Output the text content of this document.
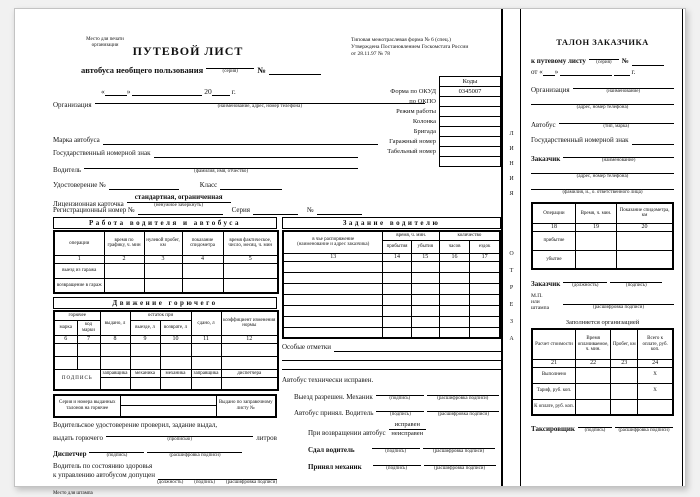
Место для печати
организации	ПУТЕВОЙ ЛИСТ
автобуса необщего пользования	(серия) №
Типовая межотраслевая форма № 6 (спец.)
Утверждена Постановлением Госкомстата России
от 28.11.97 № 78
«	»	20	г.
Коды
Форма по ОКУД	0345007
по ОКПО
Режим работы
Колонка
Бригада
Гаражный номер
Табельный номер
Организация	(наименование, адрес, номер телефона)
Марка автобуса
Государственный номерной знак
Водитель	(фамилия, имя, отчество)
Удостоверение №	Класс
Лицензионная карточка
стандартная, ограниченная
(ненужное зачеркнуть)
Регистрационный номер №	Серия	№
Работа водителя и автобуса
операции	время по графику, ч. мин	нулевой пробег, км	показание спидометра	время фактическое, число, месяц, ч. мин
1	2	3	4	5
выезд из гаража				
возвращение в гараж				
Движение горючего
горючее		выдано, л	остаток при		сдано, л	коэффициент изменения нормы
марка	код марки		выезде, л	возврате, л		
6	7	8	9	10	11	12

ПОДПИСЬ		заправщика	механика	механика	заправщика	диспетчера

Серия и номера выданных талонов на горючее		Выдано по заправочному листу №

Водительское удостоверение проверил, задание выдал,
выдать горючего	(прописью)	литров
Диспетчер	(подпись)	(расшифровка подписи)
Водитель по состоянию здоровья
к управлению автобусом допущен
(должность) (подпись) (расшифровка подписи)
Место для штампа
Задание водителю
в чье распоряжение
(наименование и адрес заказчика)	время, ч. мин.		количество	
	прибытия	убытия	часов	ездок
13	14	15	16	17

Особые отметки
Автобус технически исправен.
Выезд разрешен. Механик	(подпись)	(расшифровка подписи)
Автобус принял. Водитель	(подпись)	(расшифровка подписи)
При возвращении автобус
исправен
неисправен
Сдал водитель	(подпись)	(расшифровка подписи)
Принял механик	(подпись)	(расшифровка подписи)
Л
И
Н
И
Я
О
Т
Р
Е
З
А
ТАЛОН ЗАКАЗЧИКА
к путевому листу (серия) №
от « »	г.
Организация	(наименование)
(адрес, номер телефона)
Автобус	(тип, марка)
Государственный номерной знак
Заказчик	(наименование)
(адрес, номер телефона)
(фамилия, и., о. ответственного лица)
Операции	Время, ч. мин.	Показание спидометра, км
18	19	20
прибытие		
убытие		
Заказчик (должность)	(подпись)
М.П.
или
штампа	(расшифровка подписи)
Заполняется организацией
Расчет стоимости	Время оплачиваемое, ч. мин.	Пробег, км	Всего к оплате, руб. коп.
21	22	23	24
Выполнено			X
Тариф, руб. коп.			X
К оплате, руб. коп.			
Таксировщик (подпись)	(расшифровка подписи)
